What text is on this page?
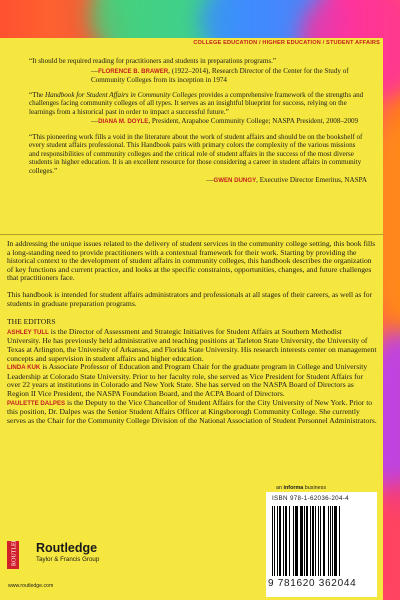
COLLEGE EDUCATION / HIGHER EDUCATION / STUDENT AFFAIRS
“It should be required reading for practitioners and students in preparations programs.”
—FLORENCE B. BRAWER, (1922–2014), Research Director of the Center for the Study of Community Colleges from its inception in 1974
“The Handbook for Student Affairs in Community Colleges provides a comprehensive framework of the strengths and challenges facing community colleges of all types. It serves as an insightful blueprint for success, relying on the learnings from a historical past in order to impact a successful future.”
—DIANA M. DOYLE, President, Arapahoe Community College; NASPA President, 2008–2009
“This pioneering work fills a void in the literature about the work of student affairs and should be on the bookshelf of every student affairs professional. This Handbook pairs with primary colors the complexity of the various missions and responsibilities of community colleges and the critical role of student affairs in the success of the most diverse students in higher education. It is an excellent resource for those considering a career in student affairs in community colleges.”
—GWEN DUNGY, Executive Director Emeritus, NASPA

In addressing the unique issues related to the delivery of student services in the community college setting, this book fills a long-standing need to provide practitioners with a contextual framework for their work. Starting by providing the historical context to the development of student affairs in community colleges, this handbook describes the organization of key functions and current practice, and looks at the specific constraints, opportunities, changes, and future challenges that practitioners face.

This handbook is intended for student affairs administrators and professionals at all stages of their careers, as well as for students in graduate preparation programs.

THE EDITORS

ASHLEY TULL is the Director of Assessment and Strategic Initiatives for Student Affairs at Southern Methodist University. He has previously held administrative and teaching positions at Tarleton State University, the University of Texas at Arlington, the University of Arkansas, and Florida State University. His research interests center on management concepts and supervision in student affairs and higher education.

LINDA KUK is Associate Professor of Education and Program Chair for the graduate program in College and University Leadership at Colorado State University. Prior to her faculty role, she served as Vice President for Student Affairs for over 22 years at institutions in Colorado and New York State. She has served on the NASPA Board of Directors as Region II Vice President, the NASPA Foundation Board, and the ACPA Board of Directors.

PAULETTE DALPES is the Deputy to the Vice Chancellor of Student Affairs for the City University of New York. Prior to this position, Dr. Dalpes was the Senior Student Affairs Officer at Kingsborough Community College. She currently serves as the Chair for the Community College Division of the National Association of Student Personnel Administrators.

ROUTLEDGE Routledge
Taylor & Francis Group
www.routledge.com
an informa business
ISBN 978-1-62036-204-4
9 781620 362044
